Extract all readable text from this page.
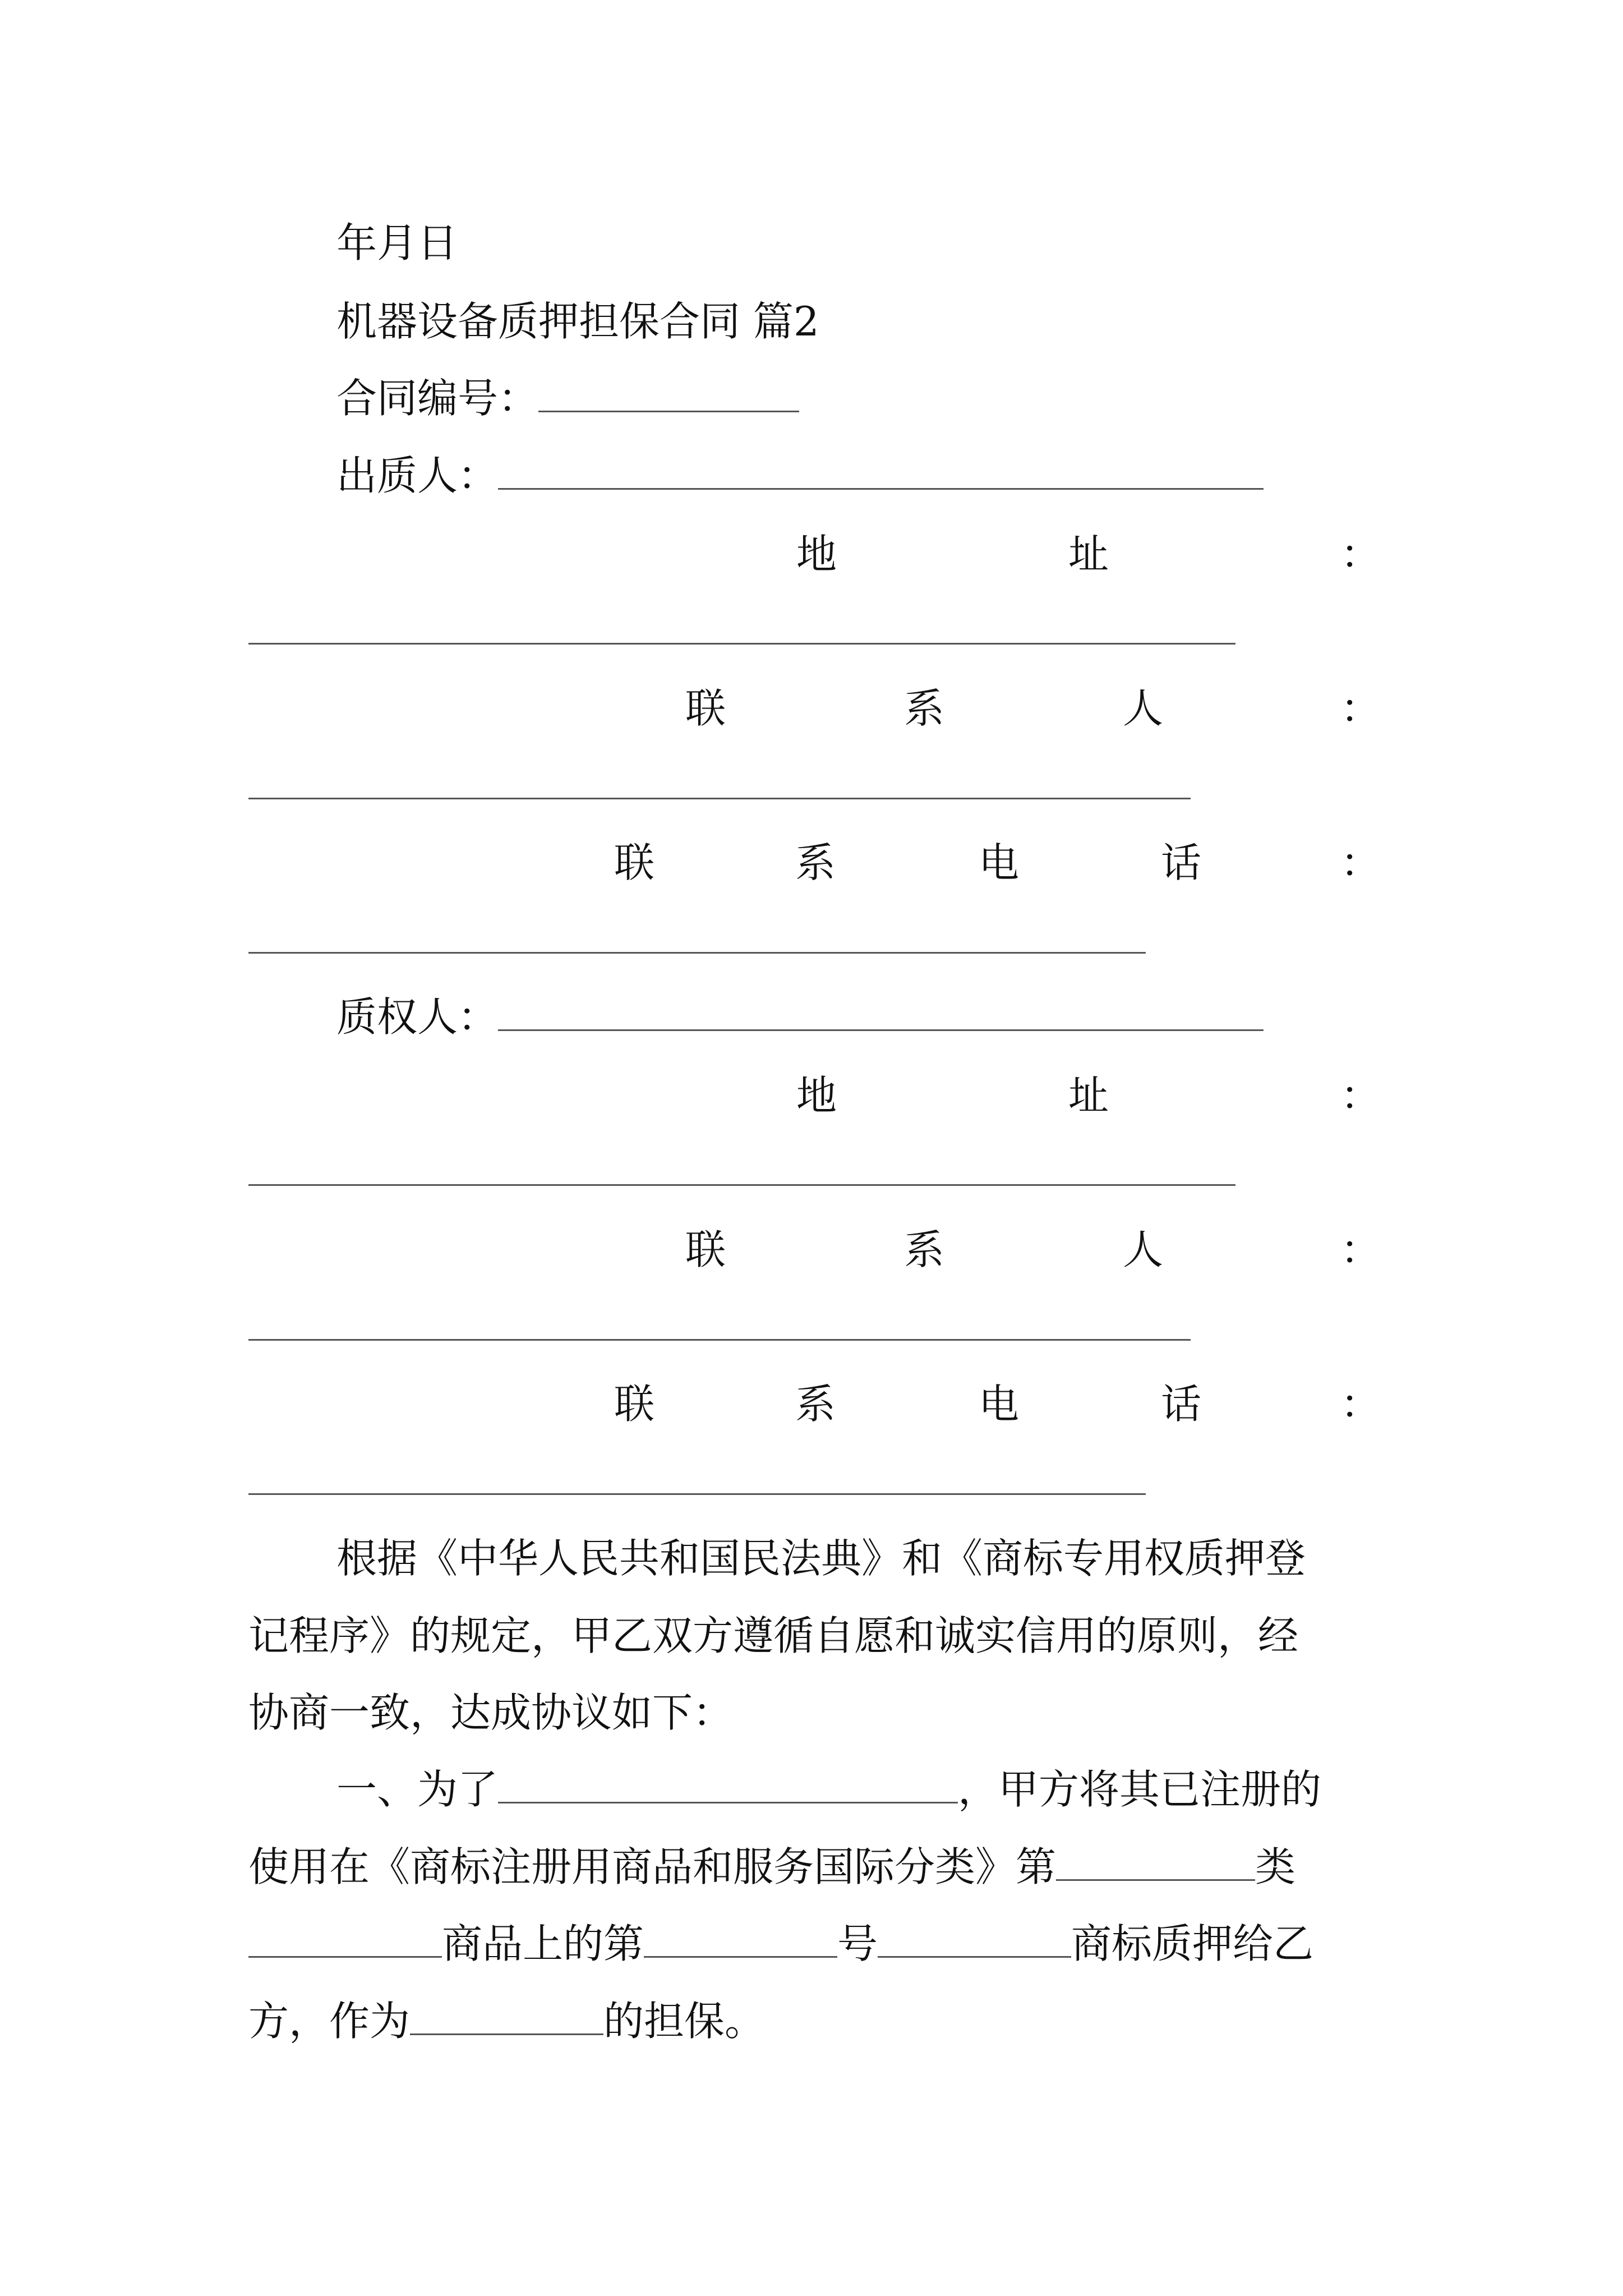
年月日
机器设备质押担保合同 篇2
合同编号：
出质人：
地	址	：
联	系	人	：
联	系	电	话	：
质权人：
地	址	：
联	系	人	：
联	系	电	话	：
根据《中华人民共和国民法典》和《商标专用权质押登
记程序》的规定，甲乙双方遵循自愿和诚实信用的原则，经
协商一致，达成协议如下：
一、为了	，甲方将其已注册的
使用在《商标注册用商品和服务国际分类》第	类
商品上的第	号	商标质押给乙
方，作为	的担保。
